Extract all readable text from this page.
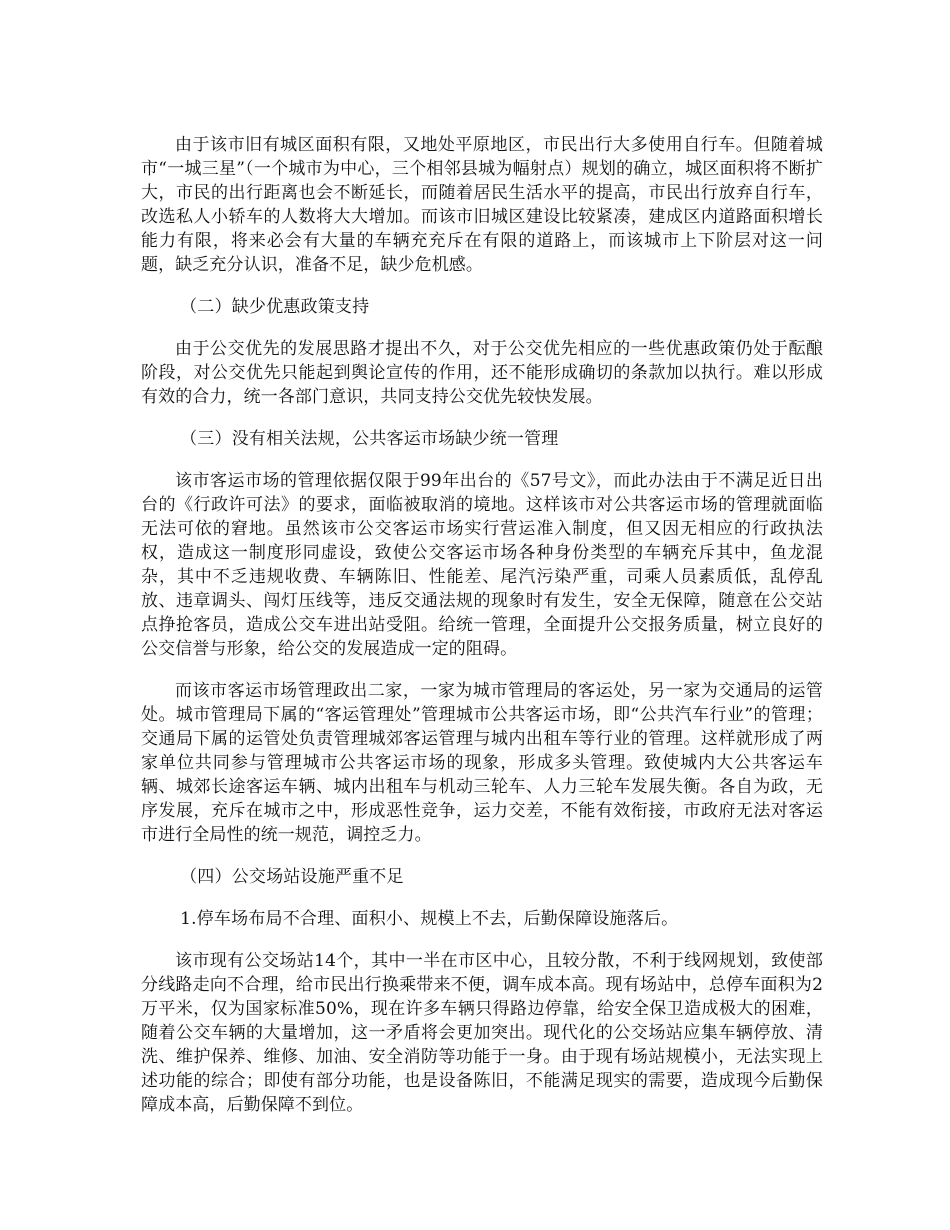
由于该市旧有城区面积有限，又地处平原地区，市民出行大多使用自行车。但随着城市“一城三星”（一个城市为中心，三个相邻县城为幅射点）规划的确立，城区面积将不断扩大，市民的出行距离也会不断延长，而随着居民生活水平的提高，市民出行放弃自行车，改选私人小轿车的人数将大大增加。而该市旧城区建设比较紧凑，建成区内道路面积增长能力有限，将来必会有大量的车辆充充斥在有限的道路上，而该城市上下阶层对这一问题，缺乏充分认识，准备不足，缺少危机感。

（二）缺少优惠政策支持

由于公交优先的发展思路才提出不久，对于公交优先相应的一些优惠政策仍处于酝酿阶段，对公交优先只能起到舆论宣传的作用，还不能形成确切的条款加以执行。难以形成有效的合力，统一各部门意识，共同支持公交优先较快发展。

（三）没有相关法规，公共客运市场缺少统一管理

该市客运市场的管理依据仅限于99年出台的《57号文》，而此办法由于不满足近日出台的《行政许可法》的要求，面临被取消的境地。这样该市对公共客运市场的管理就面临无法可依的窘地。虽然该市公交客运市场实行营运准入制度，但又因无相应的行政执法权，造成这一制度形同虚设，致使公交客运市场各种身份类型的车辆充斥其中，鱼龙混杂，其中不乏违规收费、车辆陈旧、性能差、尾汽污染严重，司乘人员素质低，乱停乱放、违章调头、闯灯压线等，违反交通法规的现象时有发生，安全无保障，随意在公交站点挣抢客员，造成公交车进出站受阻。给统一管理，全面提升公交报务质量，树立良好的公交信誉与形象，给公交的发展造成一定的阻碍。

而该市客运市场管理政出二家，一家为城市管理局的客运处，另一家为交通局的运管处。城市管理局下属的“客运管理处”管理城市公共客运市场，即“公共汽车行业”的管理；交通局下属的运管处负责管理城郊客运管理与城内出租车等行业的管理。这样就形成了两家单位共同参与管理城市公共客运市场的现象，形成多头管理。致使城内大公共客运车辆、城郊长途客运车辆、城内出租车与机动三轮车、人力三轮车发展失衡。各自为政，无序发展，充斥在城市之中，形成恶性竞争，运力交差，不能有效衔接，市政府无法对客运市进行全局性的统一规范，调控乏力。

（四）公交场站设施严重不足

1.停车场布局不合理、面积小、规模上不去，后勤保障设施落后。

该市现有公交场站14个，其中一半在市区中心，且较分散，不利于线网规划，致使部分线路走向不合理，给市民出行换乘带来不便，调车成本高。现有场站中，总停车面积为2万平米，仅为国家标准50%，现在许多车辆只得路边停靠，给安全保卫造成极大的困难，随着公交车辆的大量增加，这一矛盾将会更加突出。现代化的公交场站应集车辆停放、清洗、维护保养、维修、加油、安全消防等功能于一身。由于现有场站规模小，无法实现上述功能的综合；即使有部分功能，也是设备陈旧，不能满足现实的需要，造成现今后勤保障成本高，后勤保障不到位。
